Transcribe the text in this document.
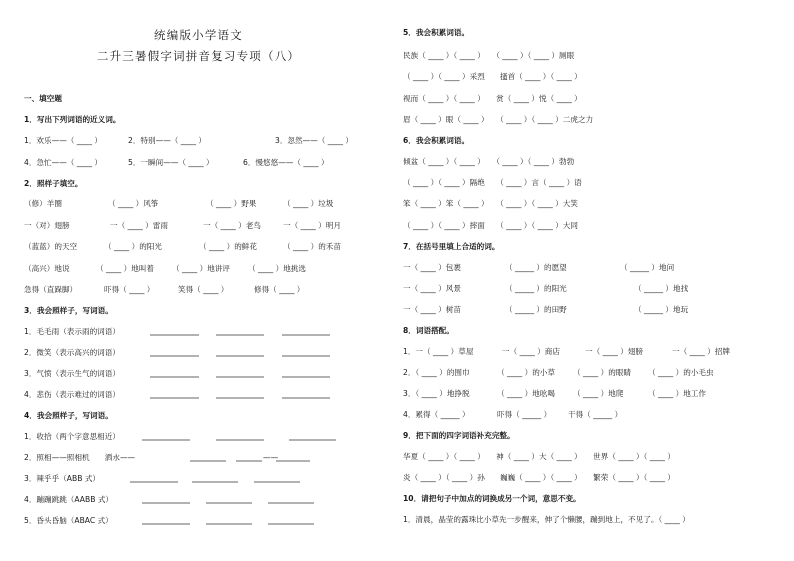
统编版小学语文
二升三暑假字词拼音复习专项（八）
一、填空题
1．写出下列词语的近义词。
1．欢乐——（ ____ ）	2．特别——（ ____ ）	3．忽然——（ ____ ）
4．急忙——（ ____ ）	5．一瞬间——（ ____ ）	6．慢悠悠——（ ____ ）
2．照样子填空。
（修）羊圈	（ ____ ）风筝	（ ____ ）野果	（ ____ ）垃圾
一（对）翅膀	一（ ____ ）雷雨	一（ ____ ）老鸟	一（ ____ ）明月
（蓝蓝）的天空	（ ____ ）的阳光	（ ____ ）的鲜花	（ ____ ）的禾苗
（高兴）地说	（ ____ ）地叫着 （ ____ ）地讲评 （ ____ ）地挑选
急得（直跺脚）	吓得（ ____ ）	笑得（ ____ ）	修得（ ____ ）
3．我会照样子，写词语。
1．毛毛雨（表示雨的词语）
2．微笑（表示高兴的词语）
3．气愤（表示生气的词语）
4．悲伤（表示难过的词语）
4．我会照样子，写词语。
1．收拾（两个字意思相近）
2．照相——照相机　　洒水——	——
3．辣乎乎（ABB 式）
4．蹦蹦跳跳（AABB 式）
5．昏头昏脑（ABAC 式）
5．我会积累词语。
民族（ ____ ）（ ____ ）　　（ ____ ）（ ____ ）厕眼
（ ____ ）（ ____ ）采烈　　搔首（ ____ ）（ ____ ）
视而（ ____ ）（ ____ ）　　赏（ ____ ）悦（ ____ ）
眉（ ____ ）眼（ ____ ）　　（ ____ ）（ ____ ）二虎之力
6．我会积累词语。
倾盆（ ____ ）（ ____ ）　　（ ____ ）（ ____ ）勃勃
（ ____ ）（ ____ ）隔绝　　（ ____ ）言（ ____ ）语
笨（ ____ ）笨（ ____ ）　　（ ____ ）（ ____ ）大笑
（ ____ ）（ ____ ）摔面　　（ ____ ）（ ____ ）大同
7．在括号里填上合适的词。
一（ ____ ）包裹	（ _____ ）的愿望	（ _____ ）地问
一（ ____ ）风景	（ _____ ）的阳光	（ _____ ）地找
一（ ____ ）树苗	（ _____ ）的田野	（ _____ ）地玩
8．词语搭配。
1．一（ ____ ）草屋	一（ ____ ）商店	一（ ____ ）翅膀	一（ ____ ）招牌
2．（ ____ ）的围巾	（ ____ ）的小草 （ ____ ）的眼睛 （ ____ ）的小毛虫
3．（ ____ ）地挣脱	（ ____ ）地吆喝 （ ____ ）地爬	（ ____ ）地工作
4．累得（ _____ ）	吓得（ _____ ） 干得（ _____ ）
9．把下面的四字词语补充完整。
华夏（ ____ ）（ ____ ）　　神（ ____ ）大（ ____ ）　　世界（ ____ ）（ ____ ）
炎（ ____ ）（ ____ ）孙　　巍巍（ ____ ）（ ____ ）　　繁荣（ ____ ）（ ____ ）
10．请把句子中加点的词换成另一个词，意思不变。
1．清晨，晶莹的露珠比小草先一步醒来，伸了个懒腰，蹦到地上，不见了。（ ____ ）
